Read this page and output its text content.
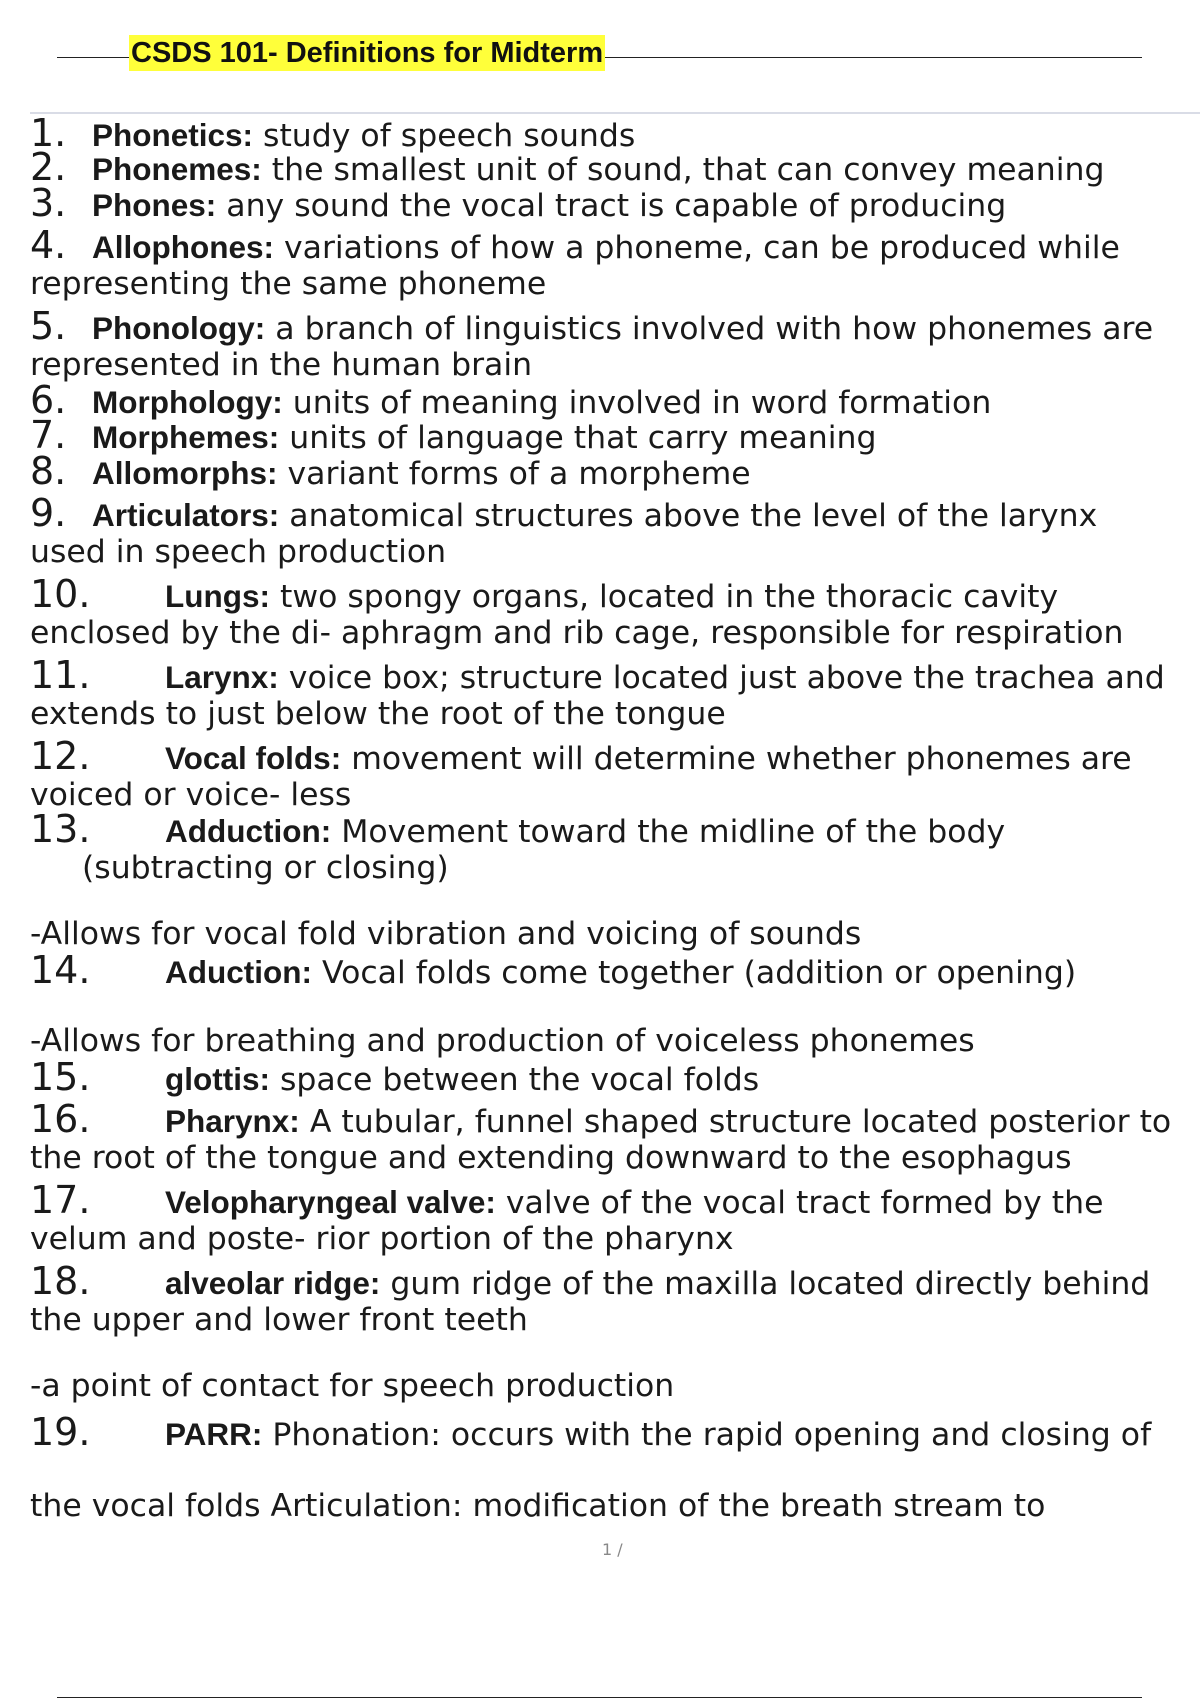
CSDS 101- Definitions for Midterm

1. Phonetics: study of speech sounds

2. Phonemes: the smallest unit of sound, that can convey meaning

3. Phones: any sound the vocal tract is capable of producing

4. Allophones: variations of how a phoneme, can be produced while
representing the same phoneme

5. Phonology: a branch of linguistics involved with how phonemes are
represented in the human brain

6. Morphology: units of meaning involved in word formation

7. Morphemes: units of language that carry meaning

8. Allomorphs: variant forms of a morpheme

9. Articulators: anatomical structures above the level of the larynx
used in speech production

10. Lungs: two spongy organs, located in the thoracic cavity
enclosed by the di- aphragm and rib cage, responsible for respiration

11. Larynx: voice box; structure located just above the trachea and
extends to just below the root of the tongue

12. Vocal folds: movement will determine whether phonemes are
voiced or voice- less

13. Adduction: Movement toward the midline of the body
(subtracting or closing)

-Allows for vocal fold vibration and voicing of sounds

14. Aduction: Vocal folds come together (addition or opening)

-Allows for breathing and production of voiceless phonemes

15. glottis: space between the vocal folds

16. Pharynx: A tubular, funnel shaped structure located posterior to
the root of the tongue and extending downward to the esophagus

17. Velopharyngeal valve: valve of the vocal tract formed by the
velum and poste- rior portion of the pharynx

18. alveolar ridge: gum ridge of the maxilla located directly behind
the upper and lower front teeth

-a point of contact for speech production

19. PARR: Phonation: occurs with the rapid opening and closing of

the vocal folds Articulation: modification of the breath stream to

1 /
